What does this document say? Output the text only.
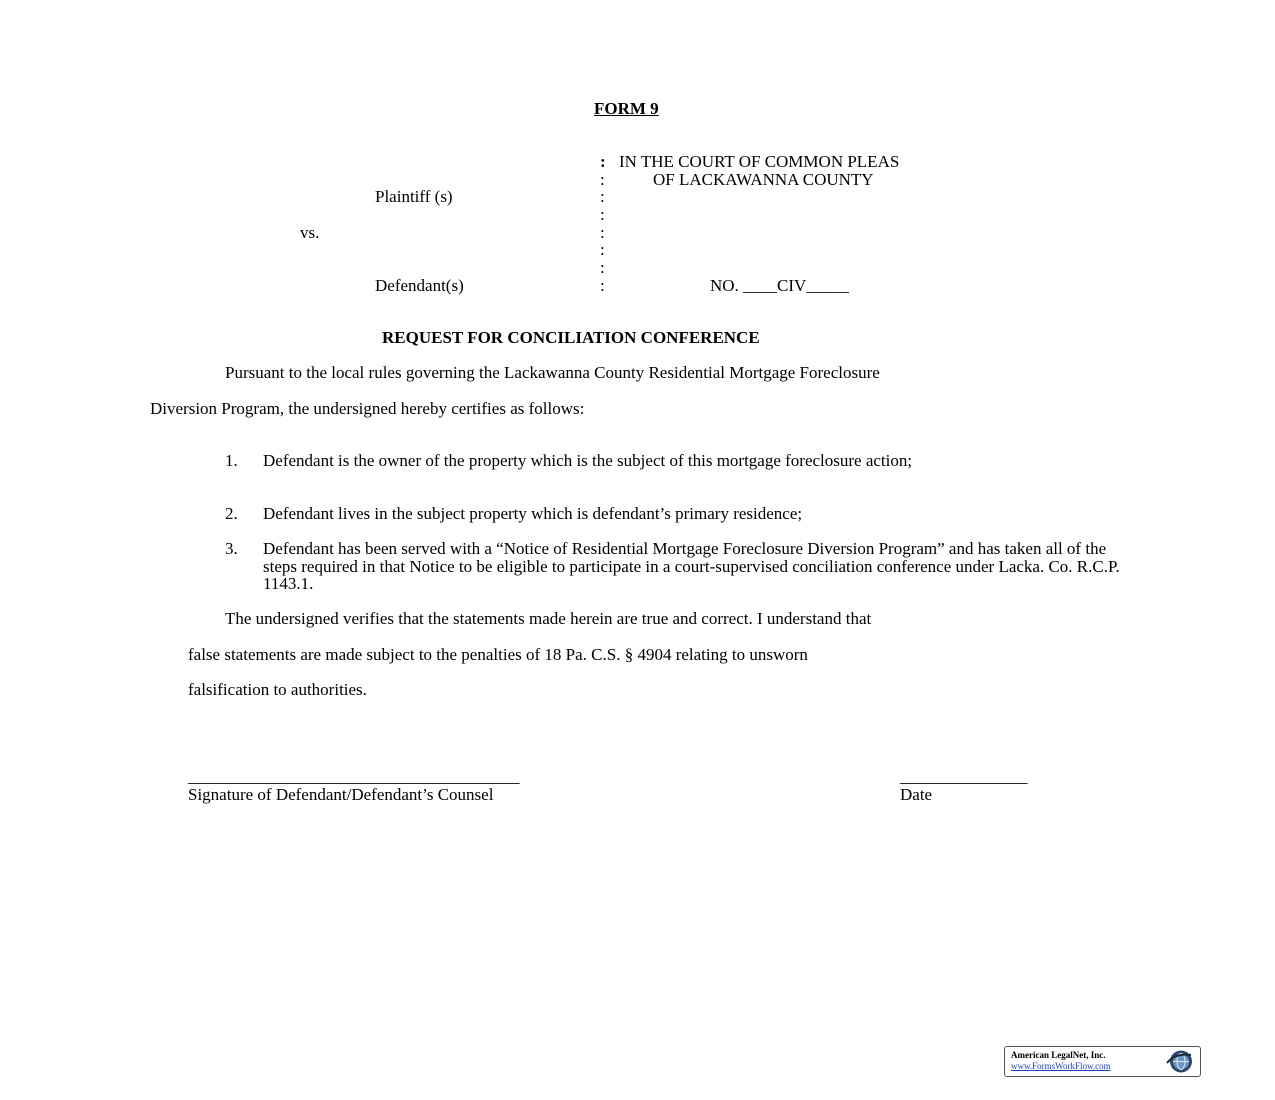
FORM 9
: IN THE COURT OF COMMON PLEAS
:	OF LACKAWANNA COUNTY
Plaintiff (s)	:
:
vs.	:
:
:
Defendant(s)	:	NO. ____CIV_____
REQUEST FOR CONCILIATION CONFERENCE
Pursuant to the local rules governing the Lackawanna County Residential Mortgage Foreclosure
Diversion Program, the undersigned hereby certifies as follows:
1. Defendant is the owner of the property which is the subject of this mortgage foreclosure action;
2. Defendant lives in the subject property which is defendant’s primary residence;
3. Defendant has been served with a “Notice of Residential Mortgage Foreclosure Diversion Program” and has taken all of the steps required in that Notice to be eligible to participate in a court-supervised conciliation conference under Lacka. Co. R.C.P. 1143.1.
The undersigned verifies that the statements made herein are true and correct. I understand that
false statements are made subject to the penalties of 18 Pa. C.S. § 4904 relating to unsworn
falsification to authorities.
_______________________________________
Signature of Defendant/Defendant’s Counsel
_______________
Date
American LegalNet, Inc.
www.FormsWorkFlow.com
